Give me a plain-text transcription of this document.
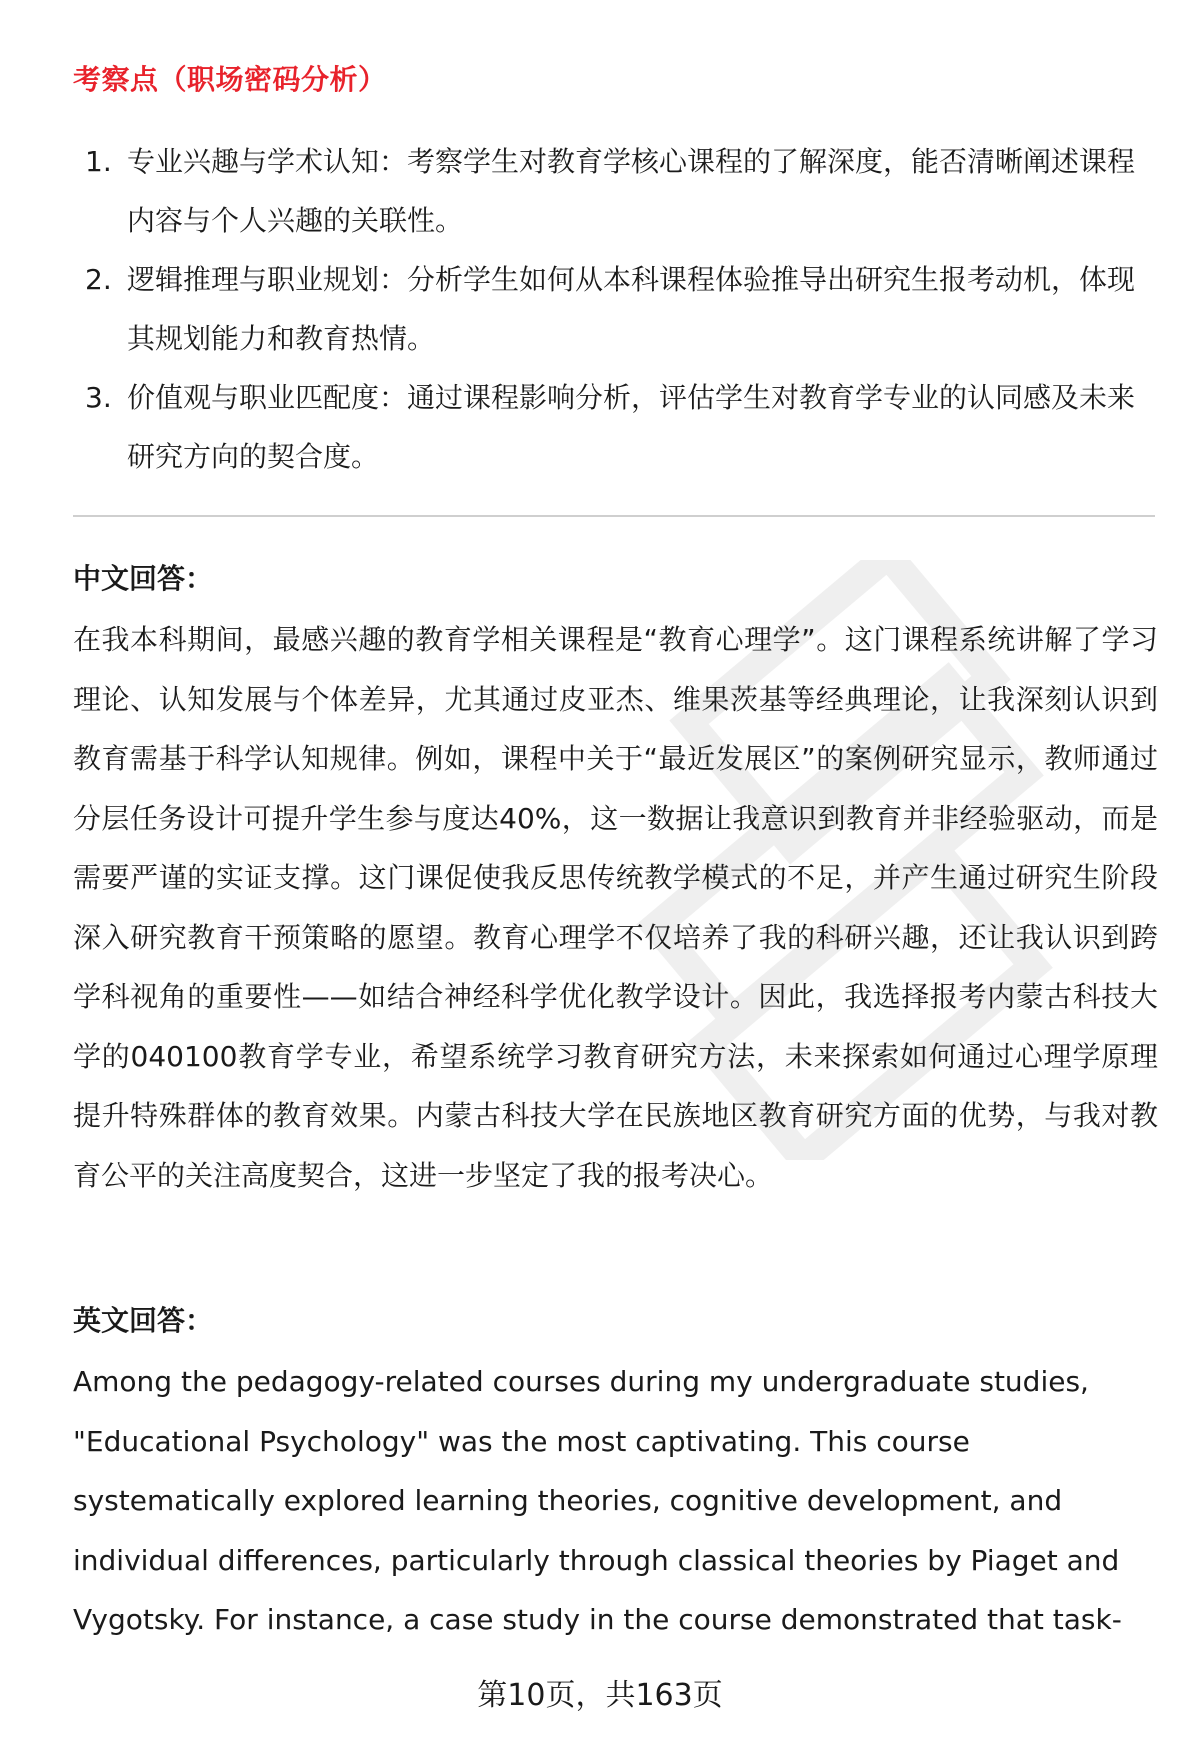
考察点（职场密码分析）
1. 专业兴趣与学术认知：考察学生对教育学核心课程的了解深度，能否清晰阐述课程内容与个人兴趣的关联性。
2. 逻辑推理与职业规划：分析学生如何从本科课程体验推导出研究生报考动机，体现其规划能力和教育热情。
3. 价值观与职业匹配度：通过课程影响分析，评估学生对教育学专业的认同感及未来研究方向的契合度。
中文回答：

在我本科期间，最感兴趣的教育学相关课程是“教育心理学”。这门课程系统讲解了学习理论、认知发展与个体差异，尤其通过皮亚杰、维果茨基等经典理论，让我深刻认识到教育需基于科学认知规律。例如，课程中关于“最近发展区”的案例研究显示，教师通过分层任务设计可提升学生参与度达40%，这一数据让我意识到教育并非经验驱动，而是需要严谨的实证支撑。这门课促使我反思传统教学模式的不足，并产生通过研究生阶段深入研究教育干预策略的愿望。教育心理学不仅培养了我的科研兴趣，还让我认识到跨学科视角的重要性——如结合神经科学优化教学设计。因此，我选择报考内蒙古科技大学的040100教育学专业，希望系统学习教育研究方法，未来探索如何通过心理学原理提升特殊群体的教育效果。内蒙古科技大学在民族地区教育研究方面的优势，与我对教育公平的关注高度契合，这进一步坚定了我的报考决心。

英文回答：

Among the pedagogy-related courses during my undergraduate studies, "Educational Psychology" was the most captivating. This course systematically explored learning theories, cognitive development, and individual differences, particularly through classical theories by Piaget and Vygotsky. For instance, a case study in the course demonstrated that task-

第10页，共163页
